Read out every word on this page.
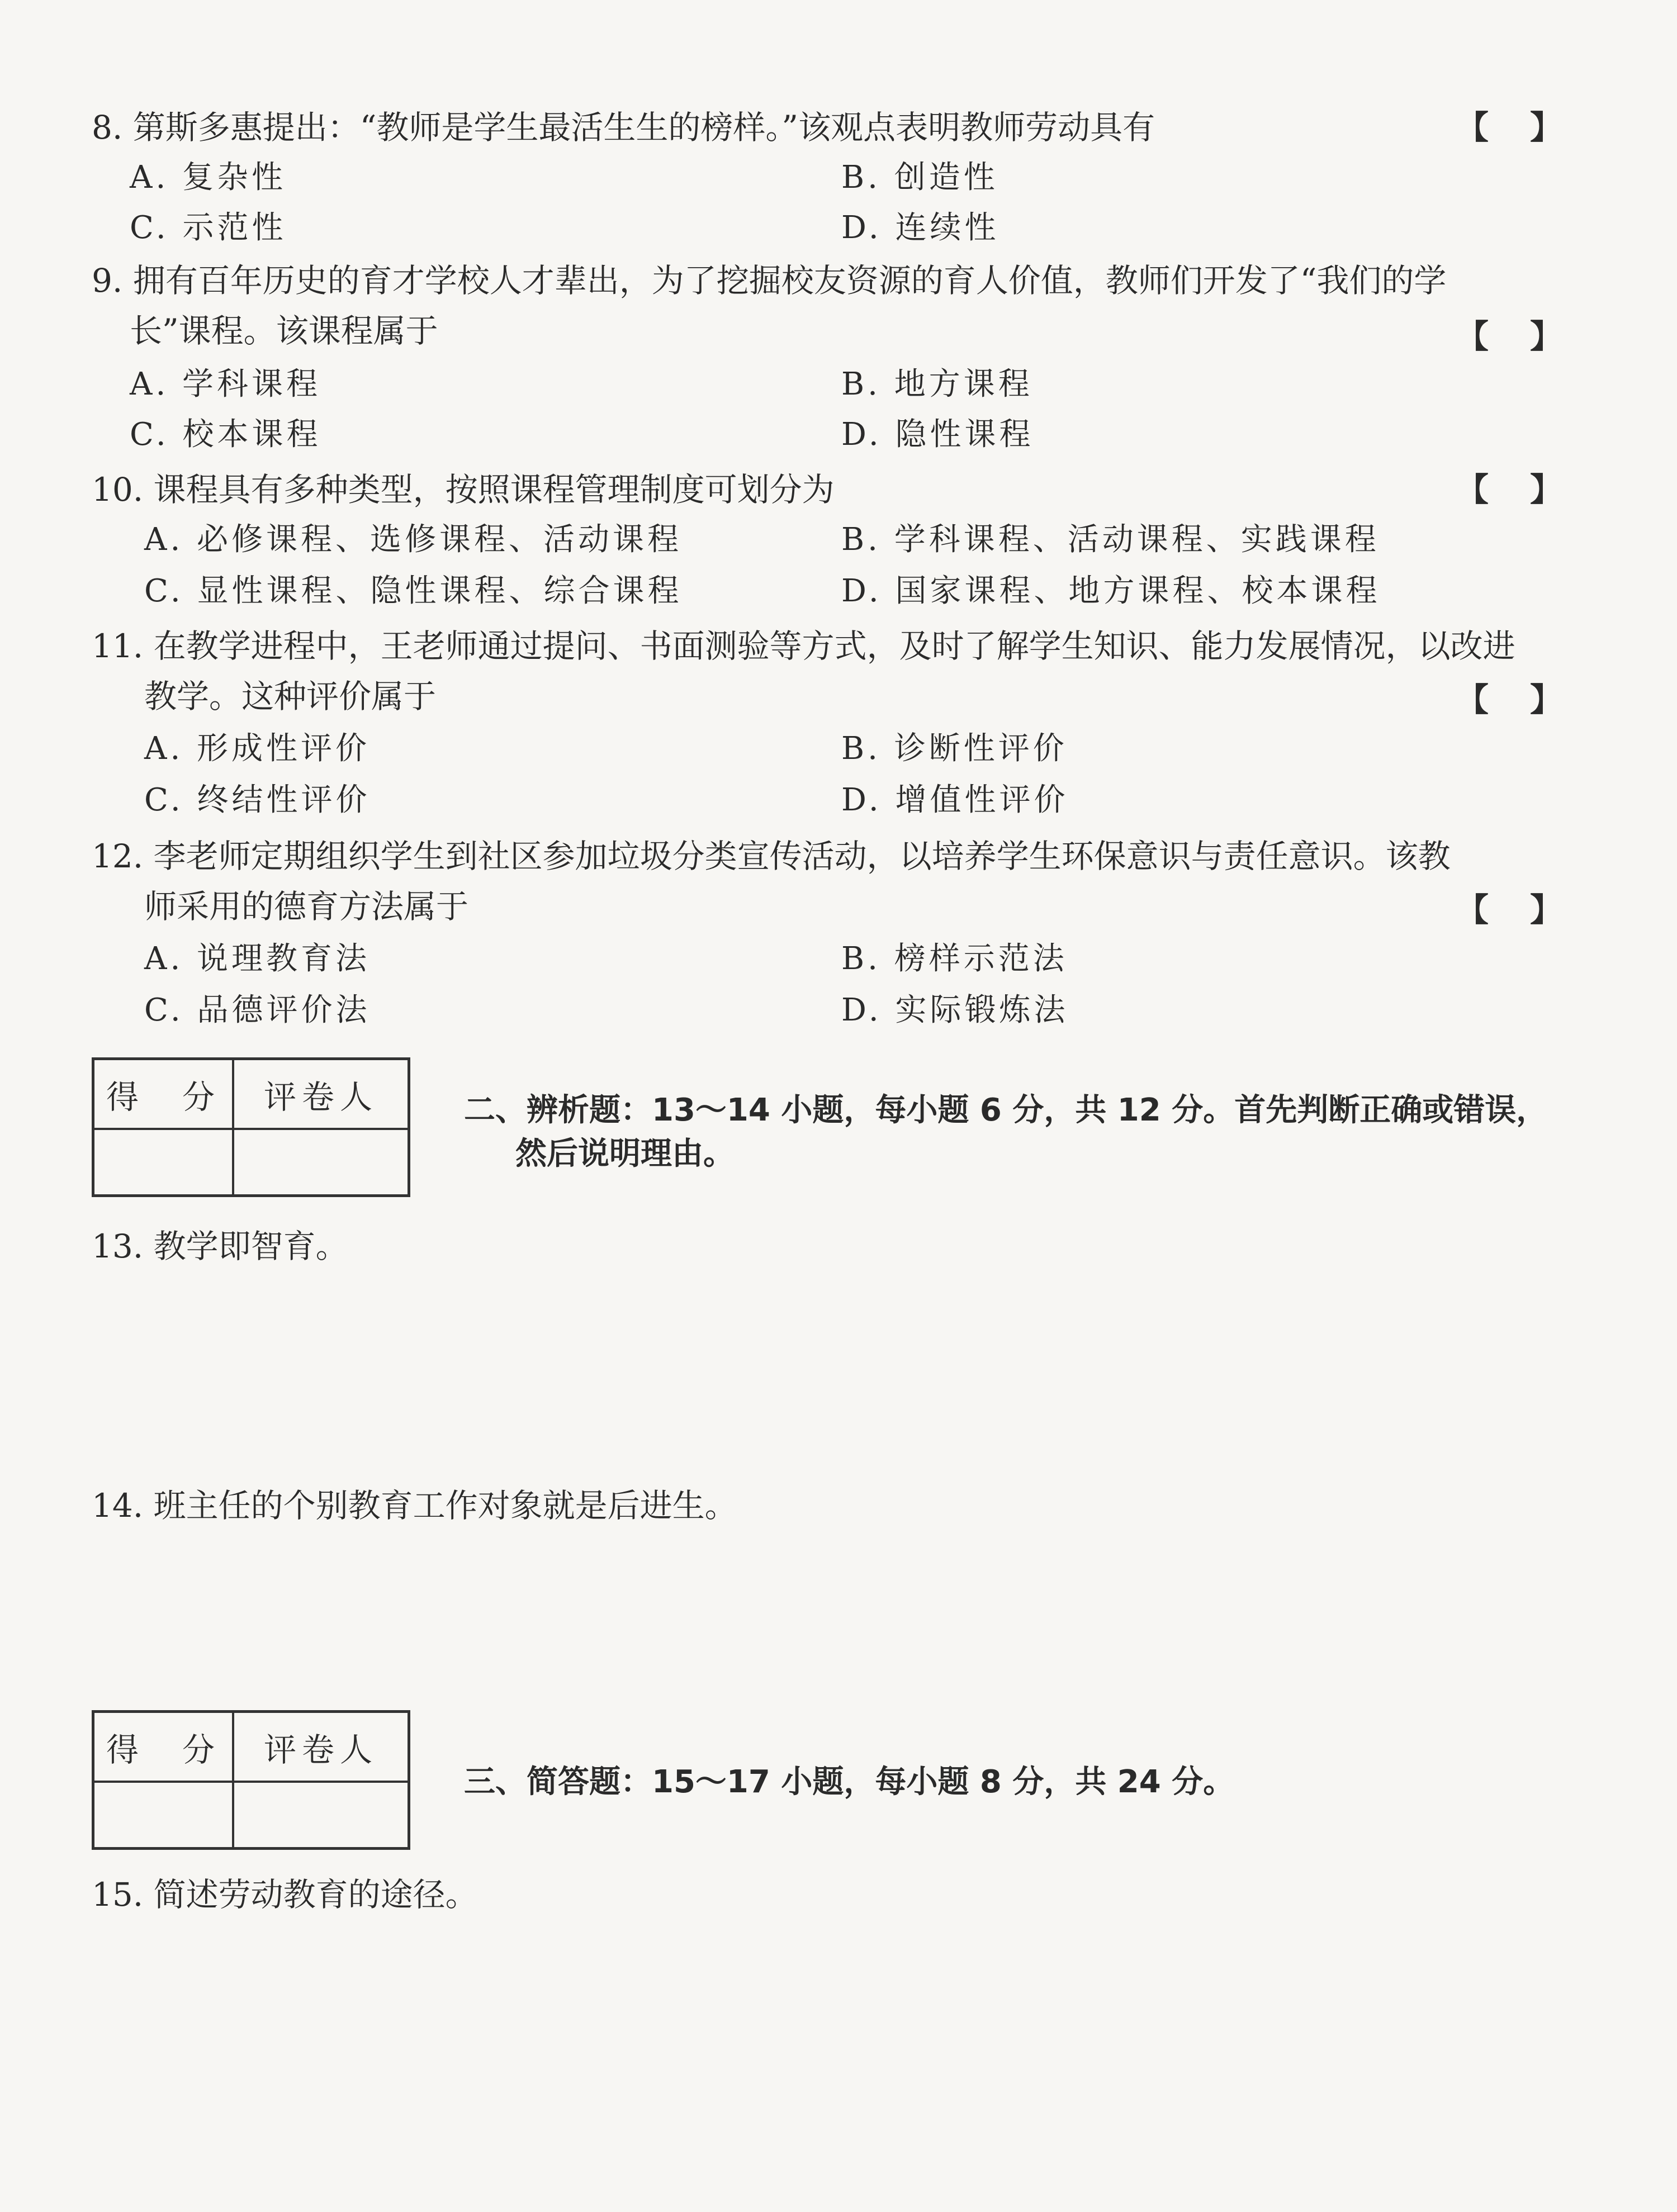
8. 第斯多惠提出：“教师是学生最活生生的榜样。”该观点表明教师劳动具有	【 】
A. 复杂性	B. 创造性
C. 示范性	D. 连续性
9. 拥有百年历史的育才学校人才辈出，为了挖掘校友资源的育人价值，教师们开发了“我们的学
长”课程。该课程属于	【 】
A. 学科课程	B. 地方课程
C. 校本课程	D. 隐性课程
10. 课程具有多种类型，按照课程管理制度可划分为	【 】
A. 必修课程、选修课程、活动课程	B. 学科课程、活动课程、实践课程
C. 显性课程、隐性课程、综合课程	D. 国家课程、地方课程、校本课程
11. 在教学进程中，王老师通过提问、书面测验等方式，及时了解学生知识、能力发展情况，以改进
教学。这种评价属于	【 】
A. 形成性评价	B. 诊断性评价
C. 终结性评价	D. 增值性评价
12. 李老师定期组织学生到社区参加垃圾分类宣传活动，以培养学生环保意识与责任意识。该教
师采用的德育方法属于	【 】
A. 说理教育法	B. 榜样示范法
C. 品德评价法	D. 实际锻炼法
得　分	评卷人	二、辨析题：13～14 小题，每小题 6 分，共 12 分。首先判断正确或错误，
然后说明理由。
13. 教学即智育。
14. 班主任的个别教育工作对象就是后进生。
得　分	评卷人
三、简答题：15～17 小题，每小题 8 分，共 24 分。
15. 简述劳动教育的途径。
